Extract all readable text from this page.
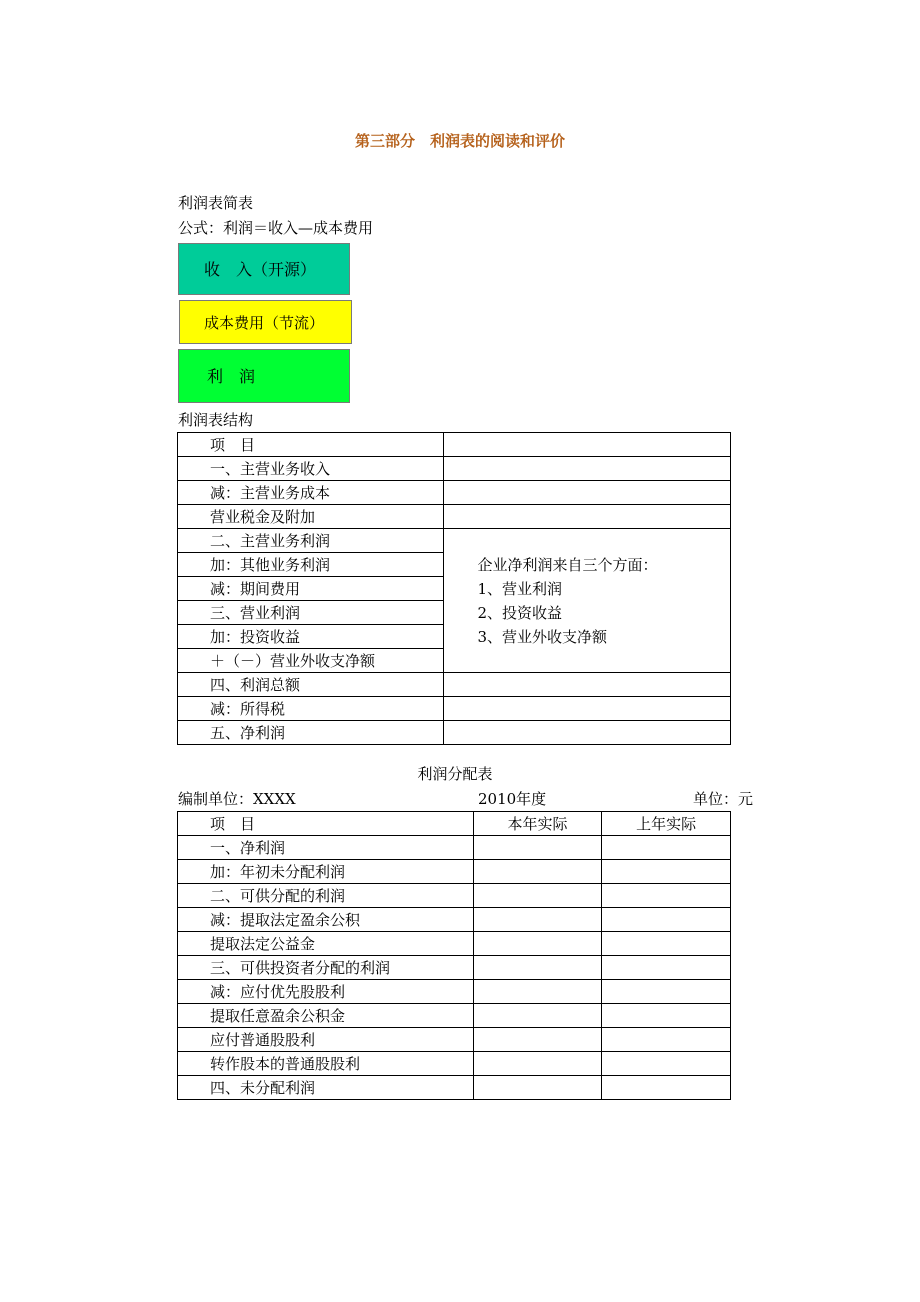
第三部分　利润表的阅读和评价
利润表简表
公式：利润＝收入—成本费用
收　入（开源）
成本费用（节流）
利　润
利润表结构
项　目	
一、主营业务收入	
减：主营业务成本	
营业税金及附加	
二、主营业务利润	企业净利润来自三个方面：
1、营业利润
2、投资收益
3、营业外收支净额

加：其他业务利润	
减：期间费用	
三、营业利润	
加：投资收益	
＋（－）营业外收支净额	
四、利润总额	
减：所得税	
五、净利润	
利润分配表
编制单位：XXXX	2010年度	单位：元
项　目	本年实际	上年实际
一、净利润		
加：年初未分配利润		
二、可供分配的利润		
减：提取法定盈余公积		
提取法定公益金		
三、可供投资者分配的利润		
减：应付优先股股利		
提取任意盈余公积金		
应付普通股股利		
转作股本的普通股股利		
四、未分配利润		
